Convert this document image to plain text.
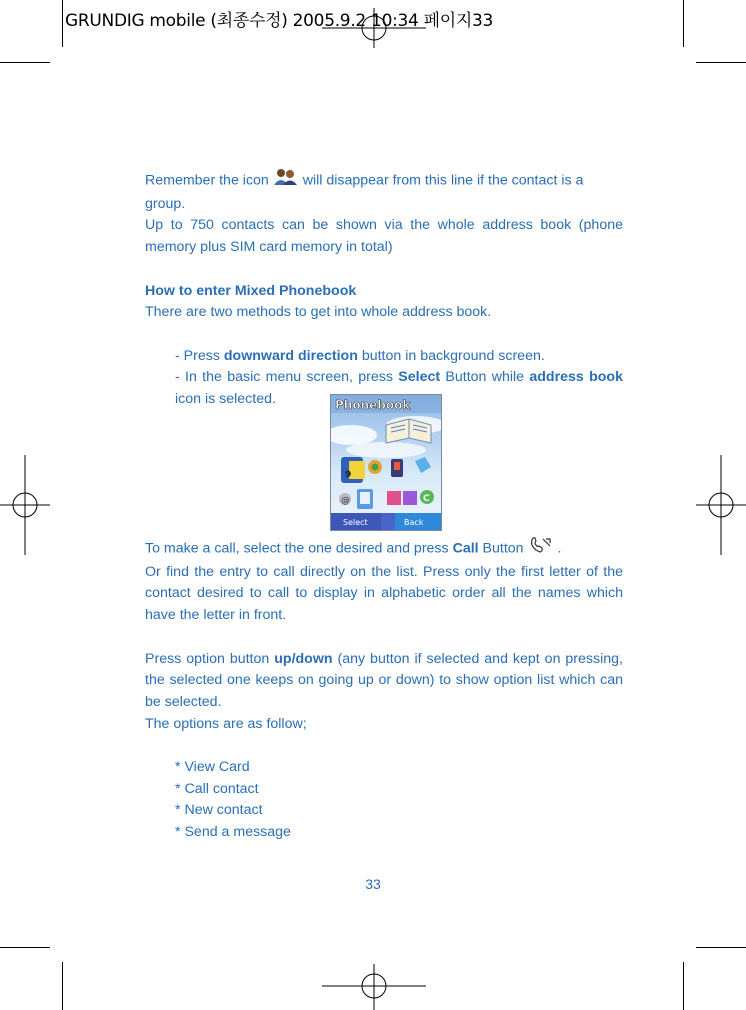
GRUNDIG mobile (최종수정) 2005.9.2 10:34 페이지33

Remember the icon will disappear from this line if the contact is a group.

Up to 750 contacts can be shown via the whole address book (phone memory plus SIM card memory in total)

How to enter Mixed Phonebook

There are two methods to get into whole address book.

- Press downward direction button in background screen.

- In the basic menu screen, press Select Button while address book icon is selected.	Phonebook
9
@	C
Select	Back

To make a call, select the one desired and press Call Button .

Or find the entry to call directly on the list. Press only the first letter of the contact desired to call to display in alphabetic order all the names which have the letter in front.

Press option button up/down (any button if selected and kept on pressing, the selected one keeps on going up or down) to show option list which can be selected.

The options are as follow;

* View Card

* Call contact

* New contact

* Send a message

33
